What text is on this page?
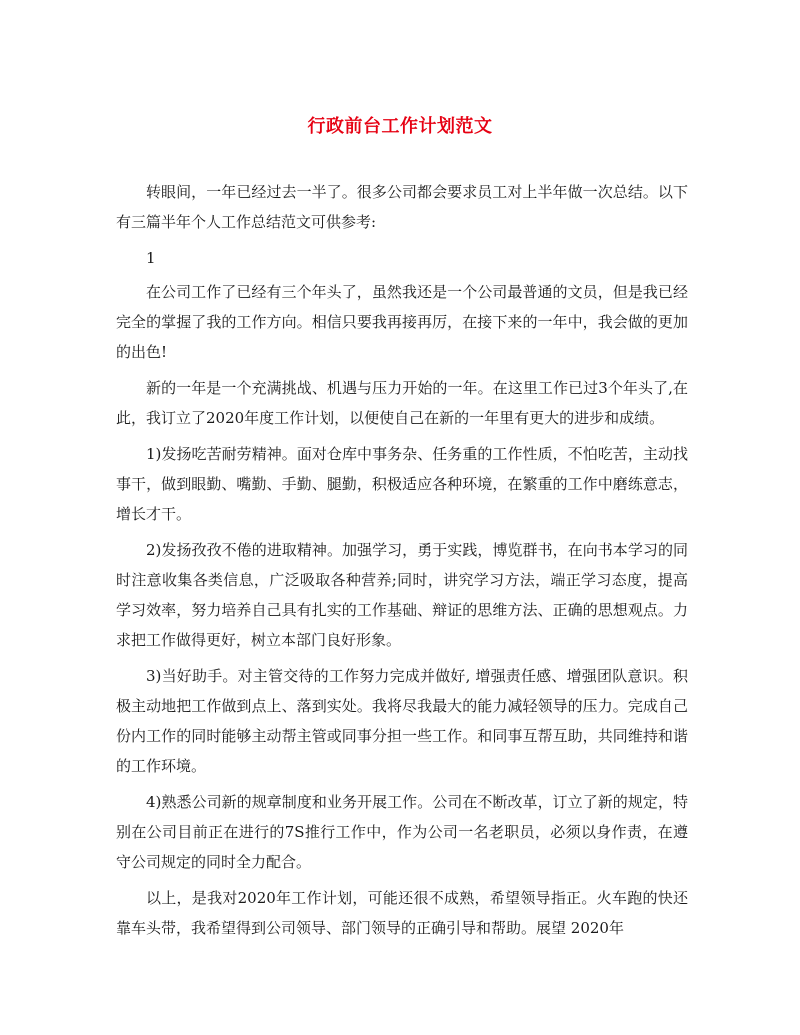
行政前台工作计划范文

转眼间，一年已经过去一半了。很多公司都会要求员工对上半年做一次总结。以下有三篇半年个人工作总结范文可供参考:

1

在公司工作了已经有三个年头了，虽然我还是一个公司最普通的文员，但是我已经完全的掌握了我的工作方向。相信只要我再接再厉，在接下来的一年中，我会做的更加的出色!

新的一年是一个充满挑战、机遇与压力开始的一年。在这里工作已过3个年头了,在此，我订立了2020年度工作计划，以便使自己在新的一年里有更大的进步和成绩。

1)发扬吃苦耐劳精神。面对仓库中事务杂、任务重的工作性质，不怕吃苦，主动找事干，做到眼勤、嘴勤、手勤、腿勤，积极适应各种环境，在繁重的工作中磨练意志，增长才干。

2)发扬孜孜不倦的进取精神。加强学习，勇于实践，博览群书，在向书本学习的同时注意收集各类信息，广泛吸取各种营养;同时，讲究学习方法，端正学习态度，提高学习效率，努力培养自己具有扎实的工作基础、辩证的思维方法、正确的思想观点。力求把工作做得更好，树立本部门良好形象。

3)当好助手。对主管交待的工作努力完成并做好, 增强责任感、增强团队意识。积极主动地把工作做到点上、落到实处。我将尽我最大的能力减轻领导的压力。完成自己份内工作的同时能够主动帮主管或同事分担一些工作。和同事互帮互助，共同维持和谐的工作环境。

4)熟悉公司新的规章制度和业务开展工作。公司在不断改革，订立了新的规定，特别在公司目前正在进行的7S推行工作中，作为公司一名老职员，必须以身作责，在遵守公司规定的同时全力配合。

以上，是我对2020年工作计划，可能还很不成熟，希望领导指正。火车跑的快还靠车头带，我希望得到公司领导、部门领导的正确引导和帮助。展望 2020年
